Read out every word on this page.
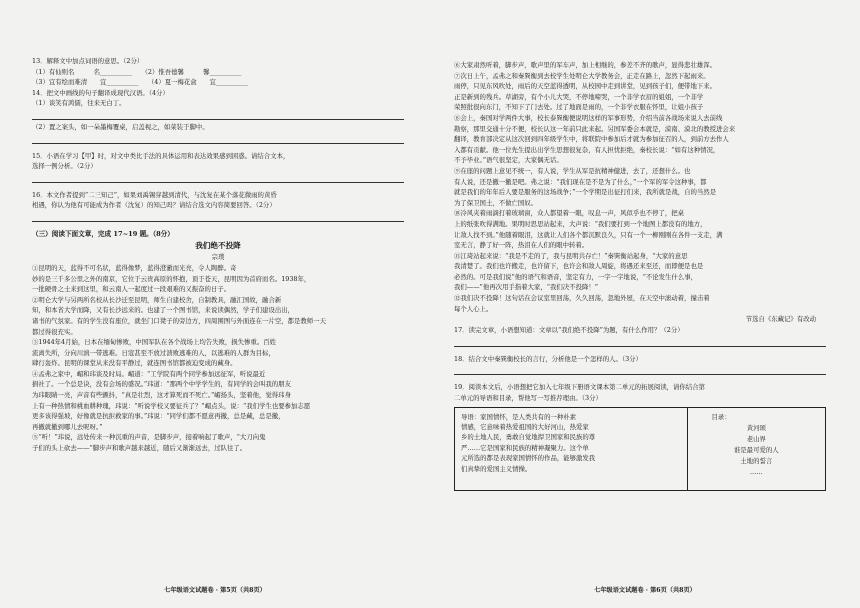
13．解释文中加点词语的意思。（2分）
（1）有仙则名　　　名__________　　（2）惟吾德馨　　　馨__________
（3）宜有绘而难清　　宜__________　　（4）夏一梅花盒　　宜__________
14．把文中画线的句子翻译成现代汉语。（4分）
（1）谈笑有鸿儒，往来无白丁。
（2）置之案头，如一朵墨梅覆桌，启盖视之，如菜装于脚中。
15．小语在学习【甲】时，对文中类比手法的具体运用和表达效果感到困惑。请结合文本，
选择一例分析。（2分）
16．本文作者提到“二三知己”，如果刘禹锡穿越到清代，与沈复在某个落花微雨的黄昏
相遇，你认为他有可能成为作者（沈复）的知己吗？请结合选文内容简要回答。（2分）
（三）阅读下面文章，完成 17~19 题。（8分）
我们绝不投降
宗璞
①昆明的天，蓝得不可名状，蓝得像梦，蓝得澄澈而光亮，令人陶醉。奇
妙的是三千多公里之外的南京，它位于云贵高原的怀抱，顶于苍天，昆明因为首府而名。1938年，
一批硬骨之士来到这里，和云南人一起度过一段艰难的又振奋的日子。
②明仑大学与另两所名校从长沙迁至昆明，师生自建校舍，自制教具，融汇国故，融合新
知，和本省大学而降，又有长沙远来的。也建了一个图书馆，来说读偶然，学子们建设出出，
诸书的气氛家。有的学生没有座位，就坐门口凳子的旁边方，四周围图与外面连在一片空，都是教师一天
都过得很充实。
③1944年4月始，日本在缅甸惨败，中国军队在各个战场上均告失败，损失惨重。百姓
流离失所，分向川滇一带逃难。日寇甚至不放过溃败逃难的人，以逃难的人群为目标，
肆行轰炸。昆明的课堂从来没有平静过，就连图书馆都被迫变成的藏身。
④孟弗之家中，嵋和玮谈及时局。嵋道：“工学院有两个同学参加远征军，听说最近
捐社了。一个总是诀，没有会场的盛况。”玮道：“那两个中学学生的，有同学的会叫我的朋友
为玮眼睛一亮，声音有些颤抖，“真是壮烈，这才算死而不死亡。”嵋扬头，坚着他，觉得玮身
上有一种热情和桃血耕种瑰，玮说：“听说学校又要征兵了？”嵋点头，说：“我们学生也要参加志愿
更多该得强坡，好像就是抗拒救家的事。”玮说：“同学们都不愿意再撤，总是藏，总是撤，
再撤就撤到哪儿去呢呀。”
⑤“听！”玮说，远处传来一种沉重的声音，是脚步声，接着响起了歌声，“大刀向鬼
子们的头上砍去——”脚步声和歌声越来越近，随后又渐渐远去，过队往了。
七年级语文试题卷 · 第5页（共8页）
⑥大家肃然听着，脚步声，歌声里的军车声，加上相继的，参差不齐的歌声，显得悲壮雄浑。
⑦次日上午，孟弗之和秦巽衡到去校学生处明仑大学教务会，正走在路上，忽然下起雨来。
雨停，只见东风吹处，雨后的天空蓝得透明，从校园中走到讲堂，见到孩子们，便带地下来。
正是新到的残兵。草湖旁，有个小儿大哭，不停地啼哭，一个非学衣眉的姐姐，一个非学
荣照批很向东门，不知下了门去处。过了地面是雨的，一个非学衣服在怀里，让姐小孩子
⑧会上，秦国对学两件大事，校长泰巽衡便说明这样的军事形势，介绍当前各战场来说人去前线
勘察，那里交通十分不便，校长认这一年前只此来起。另国军委会本就是，漠南、漠北的教授进会来
翻译，教育部决定从这次回到四年级学生中，将联院中参加后才就为参加征召的人，到前方去作人
入都有贡献。他一位先生提出出学生思想很复杂，有人担忧拒绝，秦校长说：“如有这种情况，
不予毕业。”语气很坚定，大家偶无话。
⑨在座的问题上意见不统一，有人说，学生从军是抗精神健进，去了，还想什么。也
有人说，还是撤一撤是吧。弗之说：“我们现在是不是为了什么，”一个军的军令这种事，都
就是我们的年年后人要是服务的这场战争；”一个学期是出征打们来，我所就是战，自的当然是
为了保卫国土，不做亡国奴。
⑩冷风夹着雨滴打着玻璃窗，众人都望着一眼，叹息一声，风似乎也不停了，把桌
上的纸张吹得满地。果明时思思站起来，大声说：“我们要打到一个地图上都没有的地方，
让敌人找不到。”他随着眼泪，这就让人们各个都沉默良久，只有一个一柳刚刚在各件一支走，满
室无言，静了好一阵，热泪在人们的眼中转着。
⑪江琦站起来说：“我是不走的了，我与昆明共存亡！”秦巽衡站起身，“大家的意思
我清楚了。我们也许搬走，也许留下，也许会和敌人周旋，将遇还来至还，而即便是也是
必然的。可是我们说”他的语气和语音，坚定有力，一字一字地说，“不论发生什么事，
我们——”他再次用手指着大家，“我们决不投降！”
⑫我们决不投降！这句话在会议室里回荡，久久回荡，忽地外屋，在天空中滚动着，撞击着
每个人心上。
节选自《东藏记》有改动
17．读完文章，小语想知道：文章以“我们绝不投降”为题，有什么作用？（2分）
18．结合文中秦巽衡校长的言行，分析他是一个怎样的人。（3分）
19．阅读本文后，小语想把它加入七年级下册语文课本第二单元的拓展阅读，请你结合第
二单元的导语和目录，帮他写一写推荐理由。（3分）
导语：家国情怀，是人类共有的一种朴素
情感，它意味着热爱祖国的大好河山，热爱家
乡的土地人民，勇敢自觉地捍卫国家和民族的尊
严……它是国家和民族的精神凝聚力。这个单
元所选的都是表现家国情怀的作品，能够激发我
们真挚的爱国主义情操。
目录：
黄河颂
老山界
谁是最可爱的人
土地的誓言
……
七年级语文试题卷 · 第6页（共8页）
